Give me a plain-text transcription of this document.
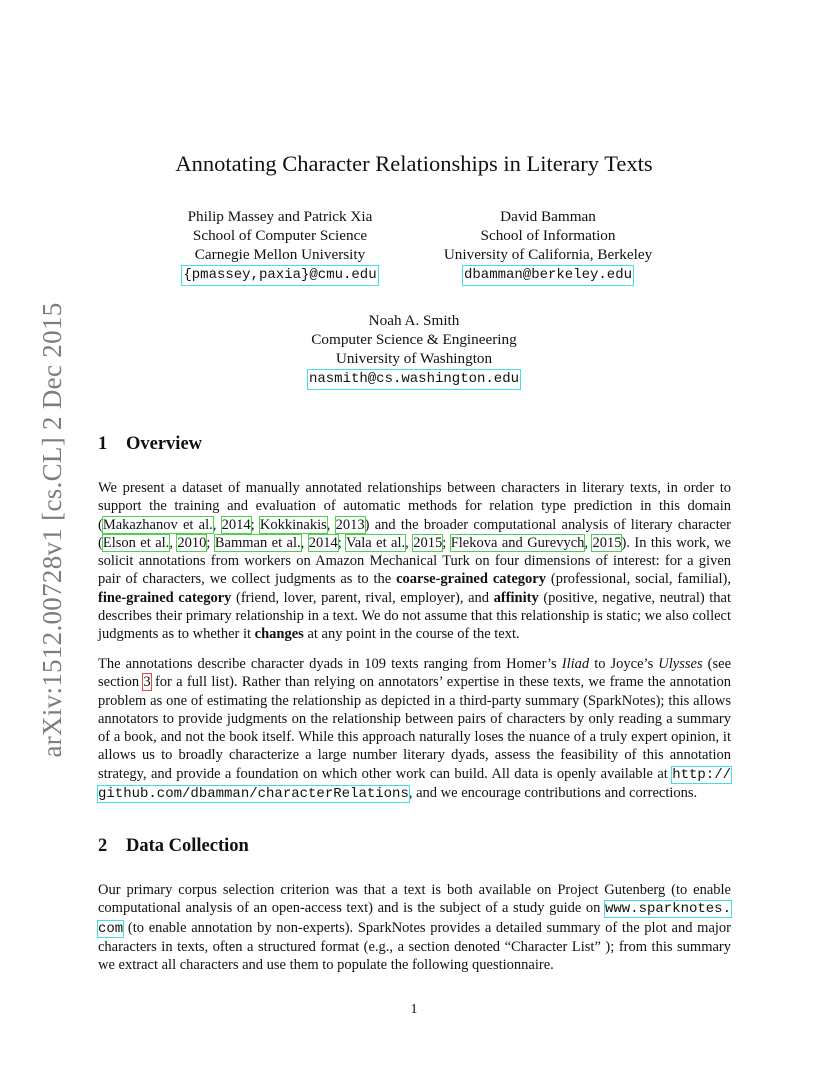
arXiv:1512.00728v1 [cs.CL] 2 Dec 2015
Annotating Character Relationships in Literary Texts
Philip Massey and Patrick Xia
School of Computer Science
Carnegie Mellon University
{pmassey,paxia}@cmu.edu
David Bamman
School of Information
University of California, Berkeley
dbamman@berkeley.edu
Noah A. Smith
Computer Science & Engineering
University of Washington
nasmith@cs.washington.edu
1 Overview
We present a dataset of manually annotated relationships between characters in literary texts, in order to support the training and evaluation of automatic methods for relation type prediction in this domain (Makazhanov et al., 2014; Kokkinakis, 2013) and the broader computational analysis of literary character (Elson et al., 2010; Bamman et al., 2014; Vala et al., 2015; Flekova and Gurevych, 2015). In this work, we solicit annotations from workers on Amazon Mechanical Turk on four dimensions of interest: for a given pair of characters, we collect judgments as to the coarse-grained category (professional, social, familial), fine-grained category (friend, lover, parent, rival, employer), and affinity (positive, negative, neutral) that describes their primary relationship in a text. We do not assume that this relationship is static; we also collect judgments as to whether it changes at any point in the course of the text.
The annotations describe character dyads in 109 texts ranging from Homer’s Iliad to Joyce’s Ulysses (see section 3 for a full list). Rather than relying on annotators’ expertise in these texts, we frame the annotation problem as one of estimating the relationship as depicted in a third-party summary (SparkNotes); this allows annotators to provide judgments on the relationship between pairs of characters by only reading a summary of a book, and not the book itself. While this approach naturally loses the nuance of a truly expert opinion, it allows us to broadly characterize a large number literary dyads, assess the feasibility of this annotation strategy, and provide a foundation on which other work can build. All data is openly available at http:// github.com/dbamman/characterRelations, and we encourage contributions and corrections.
2 Data Collection
Our primary corpus selection criterion was that a text is both available on Project Gutenberg (to enable computational analysis of an open-access text) and is the subject of a study guide on www.sparknotes. com (to enable annotation by non-experts). SparkNotes provides a detailed summary of the plot and major characters in texts, often a structured format (e.g., a section denoted “Character List” ); from this summary we extract all characters and use them to populate the following questionnaire.
1
